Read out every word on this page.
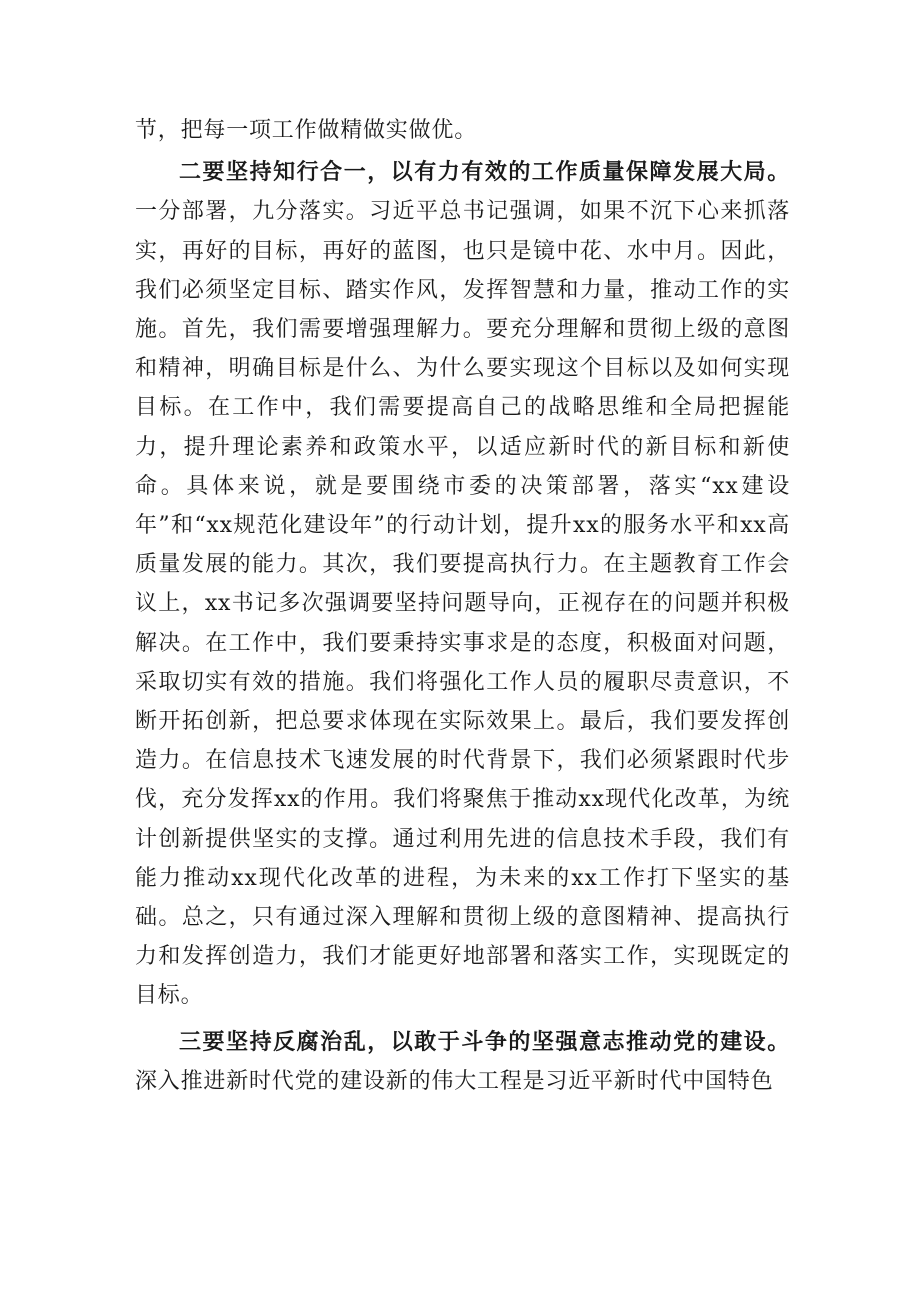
节，把每一项工作做精做实做优。

二要坚持知行合一，以有力有效的工作质量保障发展大局。一分部署，九分落实。习近平总书记强调，如果不沉下心来抓落实，再好的目标，再好的蓝图，也只是镜中花、水中月。因此，我们必须坚定目标、踏实作风，发挥智慧和力量，推动工作的实施。首先，我们需要增强理解力。要充分理解和贯彻上级的意图和精神，明确目标是什么、为什么要实现这个目标以及如何实现目标。在工作中，我们需要提高自己的战略思维和全局把握能力，提升理论素养和政策水平，以适应新时代的新目标和新使命。具体来说，就是要围绕市委的决策部署，落实“xx建设年”和“xx规范化建设年”的行动计划，提升xx的服务水平和xx高质量发展的能力。其次，我们要提高执行力。在主题教育工作会议上，xx书记多次强调要坚持问题导向，正视存在的问题并积极解决。在工作中，我们要秉持实事求是的态度，积极面对问题，采取切实有效的措施。我们将强化工作人员的履职尽责意识，不断开拓创新，把总要求体现在实际效果上。最后，我们要发挥创造力。在信息技术飞速发展的时代背景下，我们必须紧跟时代步伐，充分发挥xx的作用。我们将聚焦于推动xx现代化改革，为统计创新提供坚实的支撑。通过利用先进的信息技术手段，我们有能力推动xx现代化改革的进程，为未来的xx工作打下坚实的基础。总之，只有通过深入理解和贯彻上级的意图精神、提高执行力和发挥创造力，我们才能更好地部署和落实工作，实现既定的目标。

三要坚持反腐治乱，以敢于斗争的坚强意志推动党的建设。深入推进新时代党的建设新的伟大工程是习近平新时代中国特色
